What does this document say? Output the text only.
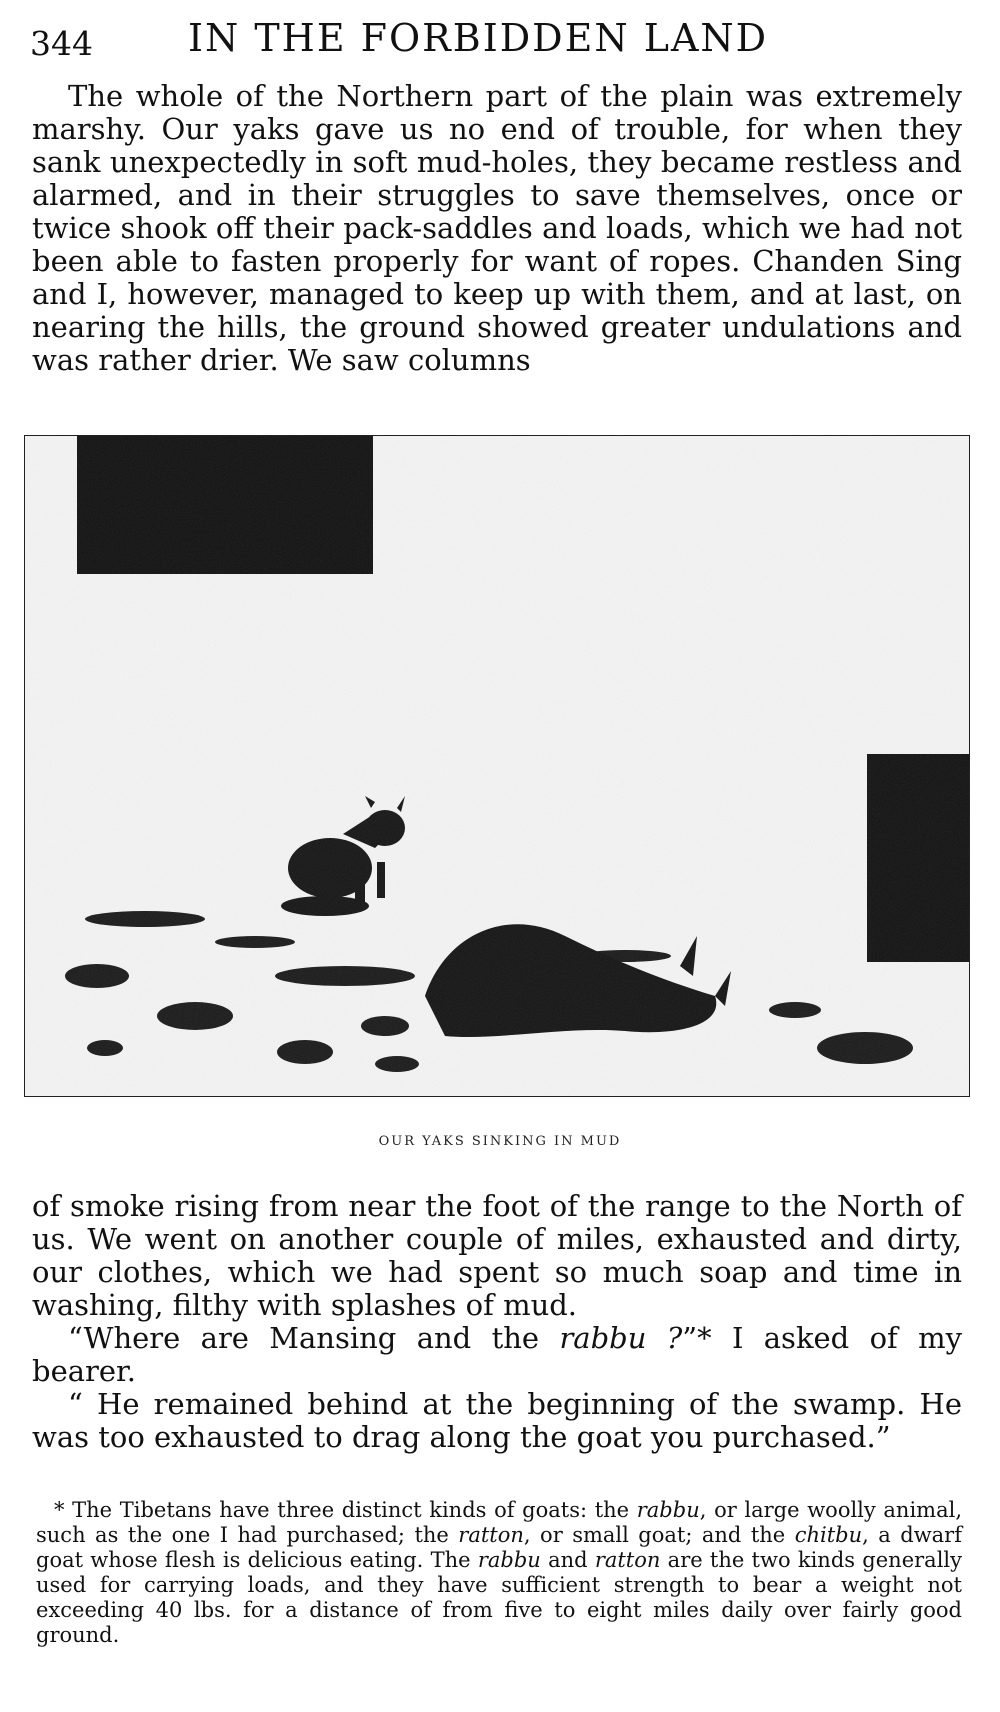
344	IN THE FORBIDDEN LAND

The whole of the Northern part of the plain was extremely marshy. Our yaks gave us no end of trouble, for when they sank unexpectedly in soft mud-holes, they became restless and alarmed, and in their struggles to save themselves, once or twice shook off their pack-saddles and loads, which we had not been able to fasten properly for want of ropes. Chanden Sing and I, however, managed to keep up with them, and at last, on nearing the hills, the ground showed greater undulations and was rather drier. We saw columns

OUR YAKS SINKING IN MUD

of smoke rising from near the foot of the range to the North of us. We went on another couple of miles, exhausted and dirty, our clothes, which we had spent so much soap and time in washing, filthy with splashes of mud.

“Where are Mansing and the rabbu ?”* I asked of my bearer.

“ He remained behind at the beginning of the swamp. He was too exhausted to drag along the goat you purchased.”

* The Tibetans have three distinct kinds of goats: the rabbu, or large woolly animal, such as the one I had purchased; the ratton, or small goat; and the chitbu, a dwarf goat whose flesh is delicious eating. The rabbu and ratton are the two kinds generally used for carrying loads, and they have sufficient strength to bear a weight not exceeding 40 lbs. for a distance of from five to eight miles daily over fairly good ground.
